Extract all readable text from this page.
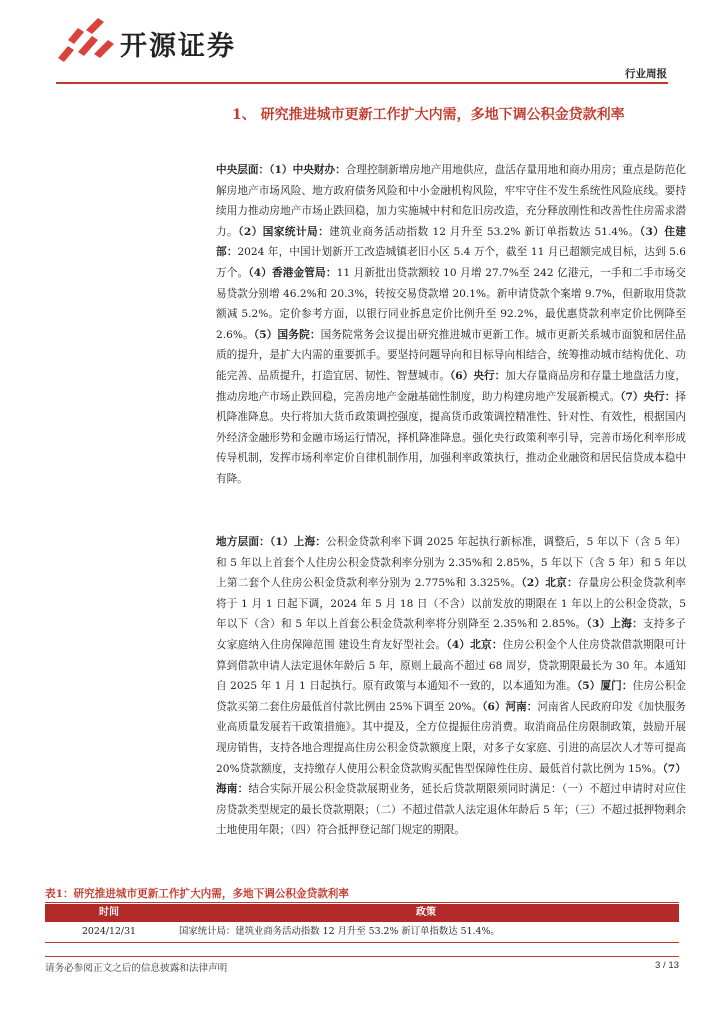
开源证券
行业周报
1、 研究推进城市更新工作扩大内需，多地下调公积金贷款利率
中央层面：（1）中央财办：合理控制新增房地产用地供应，盘活存量用地和商办用房；重点是防范化解房地产市场风险、地方政府债务风险和中小金融机构风险，牢牢守住不发生系统性风险底线。要持续用力推动房地产市场止跌回稳，加力实施城中村和危旧房改造，充分释放刚性和改善性住房需求潜力。（2）国家统计局：建筑业商务活动指数 12 月升至 53.2% 新订单指数达 51.4%。（3）住建部：2024 年，中国计划新开工改造城镇老旧小区 5.4 万个，截至 11 月已超额完成目标，达到 5.6 万个。（4）香港金管局：11 月新批出贷款额较 10 月增 27.7%至 242 亿港元，一手和二手市场交易贷款分别增 46.2%和 20.3%，转按交易贷款增 20.1%。新申请贷款个案增 9.7%，但新取用贷款额减 5.2%。定价参考方面，以银行同业拆息定价比例升至 92.2%，最优惠贷款利率定价比例降至 2.6%。（5）国务院：国务院常务会议提出研究推进城市更新工作。城市更新关系城市面貌和居住品质的提升，是扩大内需的重要抓手。要坚持问题导向和目标导向相结合，统筹推动城市结构优化、功能完善、品质提升，打造宜居、韧性、智慧城市。（6）央行：加大存量商品房和存量土地盘活力度，推动房地产市场止跌回稳，完善房地产金融基础性制度，助力构建房地产发展新模式。（7）央行：择机降准降息。央行将加大货币政策调控强度，提高货币政策调控精准性、针对性、有效性，根据国内外经济金融形势和金融市场运行情况，择机降准降息。强化央行政策利率引导，完善市场化利率形成传导机制，发挥市场利率定价自律机制作用，加强利率政策执行，推动企业融资和居民信贷成本稳中有降。
地方层面：（1）上海：公积金贷款利率下调 2025 年起执行新标准，调整后，5 年以下（含 5 年）和 5 年以上首套个人住房公积金贷款利率分别为 2.35%和 2.85%，5 年以下（含 5 年）和 5 年以上第二套个人住房公积金贷款利率分别为 2.775%和 3.325%。（2）北京：存量房公积金贷款利率将于 1 月 1 日起下调，2024 年 5 月 18 日（不含）以前发放的期限在 1 年以上的公积金贷款，5 年以下（含）和 5 年以上首套公积金贷款利率将分别降至 2.35%和 2.85%。（3）上海：支持多子女家庭纳入住房保障范围 建设生育友好型社会。（4）北京：住房公积金个人住房贷款借款期限可计算到借款申请人法定退休年龄后 5 年，原则上最高不超过 68 周岁，贷款期限最长为 30 年。本通知自 2025 年 1 月 1 日起执行。原有政策与本通知不一致的，以本通知为准。（5）厦门：住房公积金贷款买第二套住房最低首付款比例由 25%下调至 20%。（6）河南：河南省人民政府印发《加快服务业高质量发展若干政策措施》。其中提及，全方位提振住房消费。取消商品住房限制政策，鼓励开展现房销售，支持各地合理提高住房公积金贷款额度上限，对多子女家庭、引进的高层次人才等可提高 20%贷款额度，支持缴存人使用公积金贷款购买配售型保障性住房、最低首付款比例为 15%。（7）海南：结合实际开展公积金贷款展期业务，延长后贷款期限须同时满足：（一）不超过申请时对应住房贷款类型规定的最长贷款期限；（二）不超过借款人法定退休年龄后 5 年；（三）不超过抵押物剩余土地使用年限；（四）符合抵押登记部门规定的期限。
表1：研究推进城市更新工作扩大内需，多地下调公积金贷款利率
时间	政策
2024/12/31	国家统计局：建筑业商务活动指数 12 月升至 53.2% 新订单指数达 51.4%。
请务必参阅正文之后的信息披露和法律声明	3 / 13
